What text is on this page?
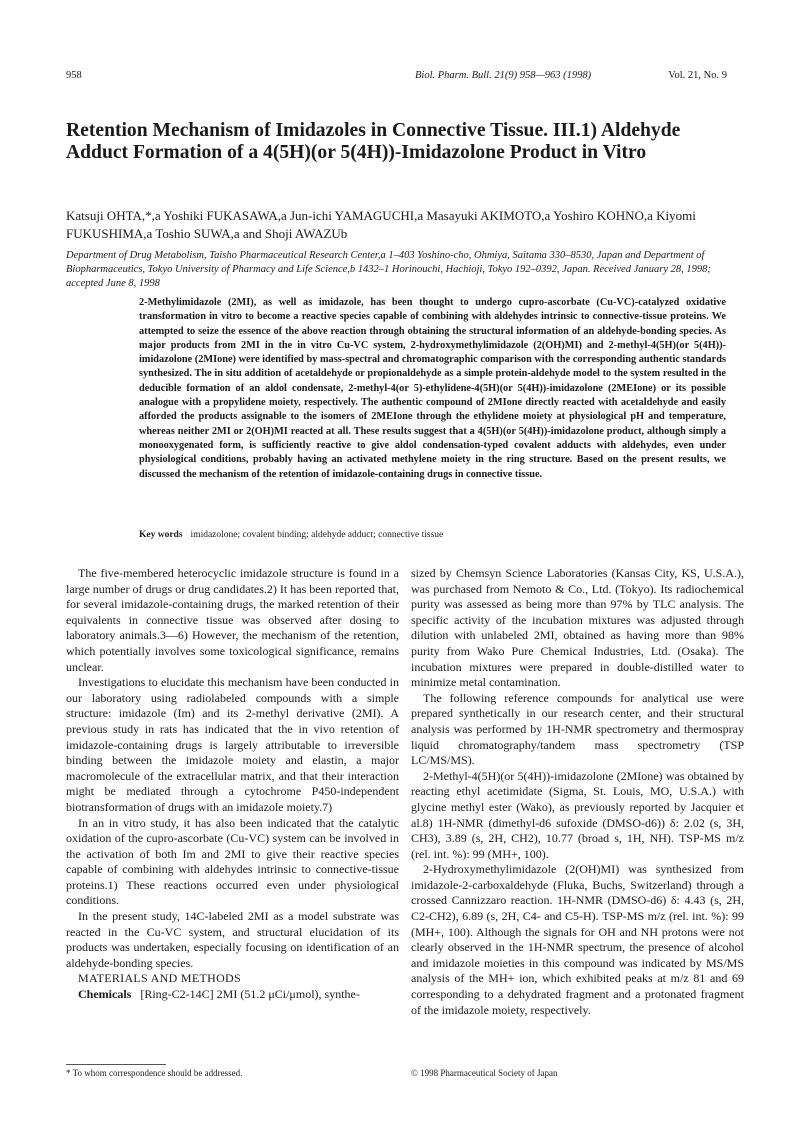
958	Biol. Pharm. Bull. 21(9) 958—963 (1998)	Vol. 21, No. 9
Retention Mechanism of Imidazoles in Connective Tissue. III.1) Aldehyde Adduct Formation of a 4(5H)(or 5(4H))-Imidazolone Product in Vitro
Katsuji OHTA,*,a Yoshiki FUKASAWA,a Jun-ichi YAMAGUCHI,a Masayuki AKIMOTO,a Yoshiro KOHNO,a Kiyomi FUKUSHIMA,a Toshio SUWA,a and Shoji AWAZUb
Department of Drug Metabolism, Taisho Pharmaceutical Research Center,a 1–403 Yoshino-cho, Ohmiya, Saitama 330–8530, Japan and Department of Biopharmaceutics, Tokyo University of Pharmacy and Life Science,b 1432–1 Horinouchi, Hachioji, Tokyo 192–0392, Japan. Received January 28, 1998; accepted June 8, 1998
2-Methylimidazole (2MI), as well as imidazole, has been thought to undergo cupro-ascorbate (Cu-VC)-catalyzed oxidative transformation in vitro to become a reactive species capable of combining with aldehydes intrinsic to connective-tissue proteins. We attempted to seize the essence of the above reaction through obtaining the structural information of an aldehyde-bonding species. As major products from 2MI in the in vitro Cu-VC system, 2-hydroxymethylimidazole (2(OH)MI) and 2-methyl-4(5H)(or 5(4H))-imidazolone (2MIone) were identified by mass-spectral and chromatographic comparison with the corresponding authentic standards synthesized. The in situ addition of acetaldehyde or propionaldehyde as a simple protein-aldehyde model to the system resulted in the deducible formation of an aldol condensate, 2-methyl-4(or 5)-ethylidene-4(5H)(or 5(4H))-imidazolone (2MEIone) or its possible analogue with a propylidene moiety, respectively. The authentic compound of 2MIone directly reacted with acetaldehyde and easily afforded the products assignable to the isomers of 2MEIone through the ethylidene moiety at physiological pH and temperature, whereas neither 2MI or 2(OH)MI reacted at all. These results suggest that a 4(5H)(or 5(4H))-imidazolone product, although simply a monooxygenated form, is sufficiently reactive to give aldol condensation-typed covalent adducts with aldehydes, even under physiological conditions, probably having an activated methylene moiety in the ring structure. Based on the present results, we discussed the mechanism of the retention of imidazole-containing drugs in connective tissue.
Key words imidazolone; covalent binding; aldehyde adduct; connective tissue

The five-membered heterocyclic imidazole structure is found in a large number of drugs or drug candidates.2) It has been reported that, for several imidazole-containing drugs, the marked retention of their equivalents in connective tissue was observed after dosing to laboratory animals.3—6) However, the mechanism of the retention, which potentially involves some toxicological significance, remains unclear.

Investigations to elucidate this mechanism have been conducted in our laboratory using radiolabeled compounds with a simple structure: imidazole (Im) and its 2-methyl derivative (2MI). A previous study in rats has indicated that the in vivo retention of imidazole-containing drugs is largely attributable to irreversible binding between the imidazole moiety and elastin, a major macromolecule of the extracellular matrix, and that their interaction might be mediated through a cytochrome P450-independent biotransformation of drugs with an imidazole moiety.7)

In an in vitro study, it has also been indicated that the catalytic oxidation of the cupro-ascorbate (Cu-VC) system can be involved in the activation of both Im and 2MI to give their reactive species capable of combining with aldehydes intrinsic to connective-tissue proteins.1) These reactions occurred even under physiological conditions.

In the present study, 14C-labeled 2MI as a model substrate was reacted in the Cu-VC system, and structural elucidation of its products was undertaken, especially focusing on identification of an aldehyde-bonding species.

MATERIALS AND METHODS

Chemicals [Ring-C2-14C] 2MI (51.2 μCi/μmol), synthe-

sized by Chemsyn Science Laboratories (Kansas City, KS, U.S.A.), was purchased from Nemoto & Co., Ltd. (Tokyo). Its radiochemical purity was assessed as being more than 97% by TLC analysis. The specific activity of the incubation mixtures was adjusted through dilution with unlabeled 2MI, obtained as having more than 98% purity from Wako Pure Chemical Industries, Ltd. (Osaka). The incubation mixtures were prepared in double-distilled water to minimize metal contamination.

The following reference compounds for analytical use were prepared synthetically in our research center, and their structural analysis was performed by 1H-NMR spectrometry and thermospray liquid chromatography/tandem mass spectrometry (TSP LC/MS/MS).

2-Methyl-4(5H)(or 5(4H))-imidazolone (2MIone) was obtained by reacting ethyl acetimidate (Sigma, St. Louis, MO, U.S.A.) with glycine methyl ester (Wako), as previously reported by Jacquier et al.8) 1H-NMR (dimethyl-d6 sufoxide (DMSO-d6)) δ: 2.02 (s, 3H, CH3), 3.89 (s, 2H, CH2), 10.77 (broad s, 1H, NH). TSP-MS m/z (rel. int. %): 99 (MH+, 100).

2-Hydroxymethylimidazole (2(OH)MI) was synthesized from imidazole-2-carboxaldehyde (Fluka, Buchs, Switzerland) through a crossed Cannizzaro reaction. 1H-NMR (DMSO-d6) δ: 4.43 (s, 2H, C2-CH2), 6.89 (s, 2H, C4- and C5-H). TSP-MS m/z (rel. int. %): 99 (MH+, 100). Although the signals for OH and NH protons were not clearly observed in the 1H-NMR spectrum, the presence of alcohol and imidazole moieties in this compound was indicated by MS/MS analysis of the MH+ ion, which exhibited peaks at m/z 81 and 69 corresponding to a dehydrated fragment and a protonated fragment of the imidazole moiety, respectively.

* To whom correspondence should be addressed.	© 1998 Pharmaceutical Society of Japan
